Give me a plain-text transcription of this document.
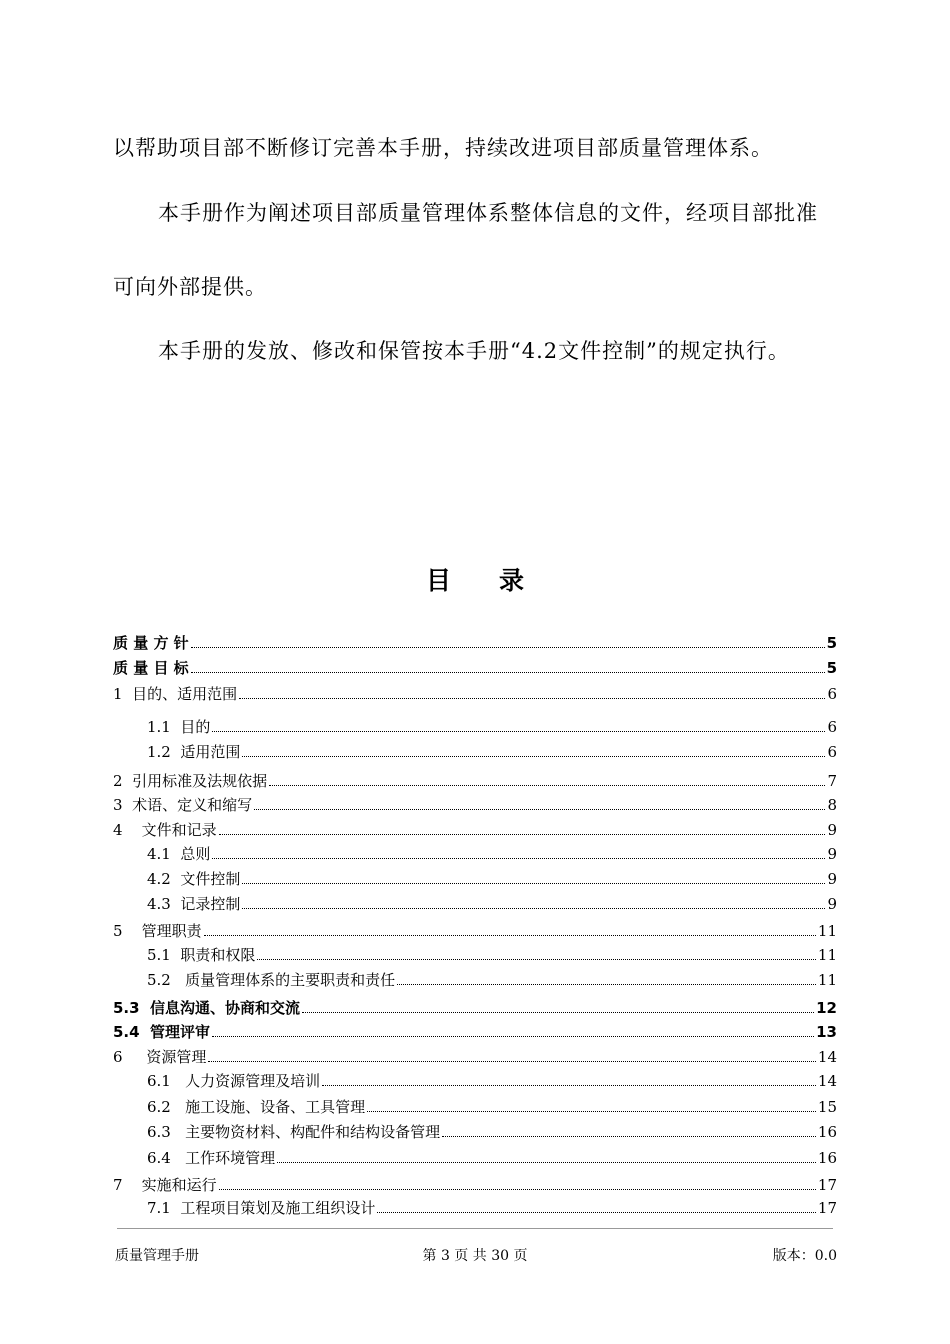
以帮助项目部不断修订完善本手册，持续改进项目部质量管理体系。
本手册作为阐述项目部质量管理体系整体信息的文件，经项目部批准
可向外部提供。
本手册的发放、修改和保管按本手册“4.2文件控制”的规定执行。
目 录
质 量 方 针	5
质 量 目 标	5
1 目的、适用范围	6
1.1 目的	6
1.2 适用范围	6
2 引用标准及法规依据	7
3 术语、定义和缩写	8
4 文件和记录	9
4.1 总则	9
4.2 文件控制	9
4.3 记录控制	9
5 管理职责	11
5.1 职责和权限	11
5.2 质量管理体系的主要职责和责任	11
5.3 信息沟通、协商和交流	12
5.4 管理评审	13
6 资源管理	14
6.1 人力资源管理及培训	14
6.2 施工设施、设备、工具管理	15
6.3 主要物资材料、构配件和结构设备管理	16
6.4 工作环境管理	16
7 实施和运行	17
7.1 工程项目策划及施工组织设计	17
质量管理手册	第 3 页 共 30 页	版本：0.0
